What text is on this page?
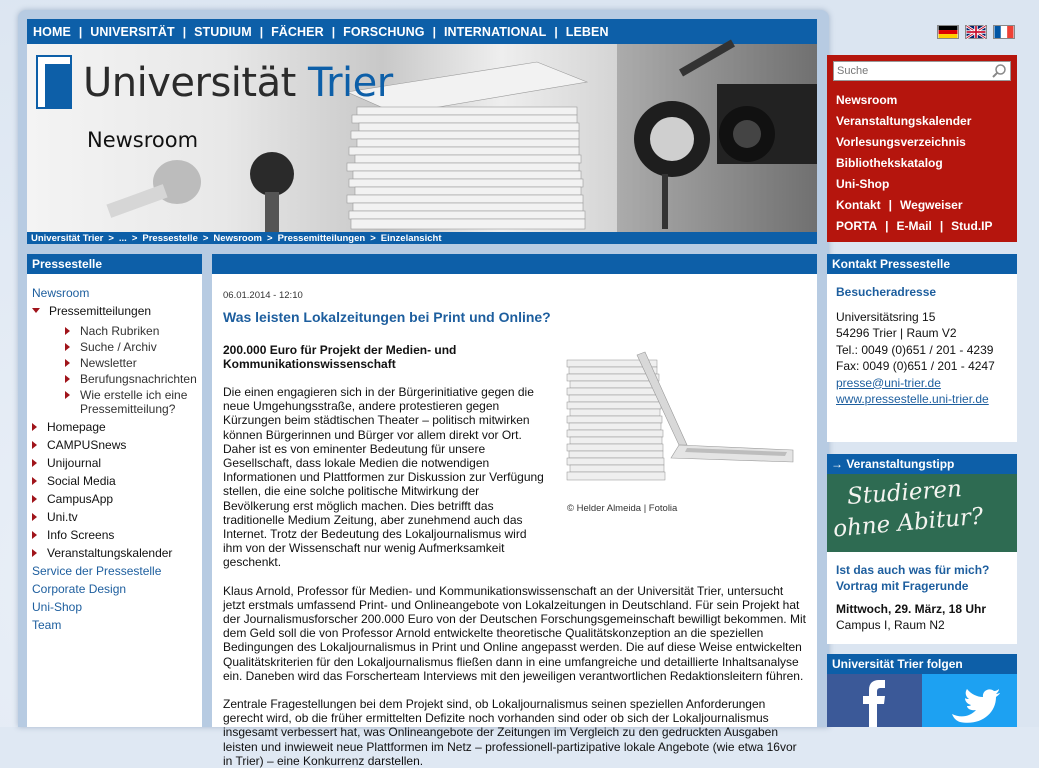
HOME | UNIVERSITÄT | STUDIUM | FÄCHER | FORSCHUNG | INTERNATIONAL | LEBEN
Universität Trier
Newsroom
Universität Trier > ... > Pressestelle > Newsroom > Pressemitteilungen > Einzelansicht
Pressestelle
Newsroom
Pressemitteilungen
Nach Rubriken
Suche / Archiv
Newsletter
Berufungsnachrichten
Wie erstelle ich eine Pressemitteilung?
Homepage
CAMPUSnews
Unijournal
Social Media
CampusApp
Uni.tv
Info Screens
Veranstaltungskalender
Service der Pressestelle
Corporate Design
Uni-Shop
Team
06.01.2014 - 12:10
Was leisten Lokalzeitungen bei Print und Online?
200.000 Euro für Projekt der Medien- und Kommunikationswissenschaft
Die einen engagieren sich in der Bürgerinitiative gegen die neue Umgehungsstraße, andere protestieren gegen Kürzungen beim städtischen Theater – politisch mitwirken können Bürgerinnen und Bürger vor allem direkt vor Ort. Daher ist es von eminenter Bedeutung für unsere Gesellschaft, dass lokale Medien die notwendigen Informationen und Plattformen zur Diskussion zur Verfügung stellen, die eine solche politische Mitwirkung der Bevölkerung erst möglich machen. Dies betrifft das traditionelle Medium Zeitung, aber zunehmend auch das Internet. Trotz der Bedeutung des Lokaljournalismus wird ihm von der Wissenschaft nur wenig Aufmerksamkeit geschenkt.
Klaus Arnold, Professor für Medien- und Kommunikationswissenschaft an der Universität Trier, untersucht jetzt erstmals umfassend Print- und Onlineangebote von Lokalzeitungen in Deutschland. Für sein Projekt hat der Journalismusforscher 200.000 Euro von der Deutschen Forschungsgemeinschaft bewilligt bekommen. Mit dem Geld soll die von Professor Arnold entwickelte theoretische Qualitätskonzeption an die speziellen Bedingungen des Lokaljournalismus in Print und Online angepasst werden. Die auf diese Weise entwickelten Qualitätskriterien für den Lokaljournalismus fließen dann in eine umfangreiche und detaillierte Inhaltsanalyse ein. Daneben wird das Forscherteam Interviews mit den jeweiligen verantwortlichen Redaktionsleitern führen.
Zentrale Fragestellungen bei dem Projekt sind, ob Lokaljournalismus seinen speziellen Anforderungen gerecht wird, ob die früher ermittelten Defizite noch vorhanden sind oder ob sich der Lokaljournalismus insgesamt verbessert hat, was Onlineangebote der Zeitungen im Vergleich zu den gedruckten Ausgaben leisten und inwieweit neue Plattformen im Netz – professionell-partizipative lokale Angebote (wie etwa 16vor in Trier) – eine Konkurrenz darstellen.
© Helder Almeida | Fotolia
Suche
Newsroom
Veranstaltungskalender
Vorlesungsverzeichnis
Bibliothekskatalog
Uni-Shop
Kontakt | Wegweiser
PORTA | E-Mail | Stud.IP
Kontakt Pressestelle
Besucheradresse
Universitätsring 15
54296 Trier | Raum V2
Tel.: 0049 (0)651 / 201 - 4239
Fax: 0049 (0)651 / 201 - 4247
presse@uni-trier.de
www.pressestelle.uni-trier.de
→ Veranstaltungstipp
Studieren
ohne Abitur?
Ist das auch was für mich?
Vortrag mit Fragerunde
Mittwoch, 29. März, 18 Uhr
Campus I, Raum N2
Universität Trier folgen
